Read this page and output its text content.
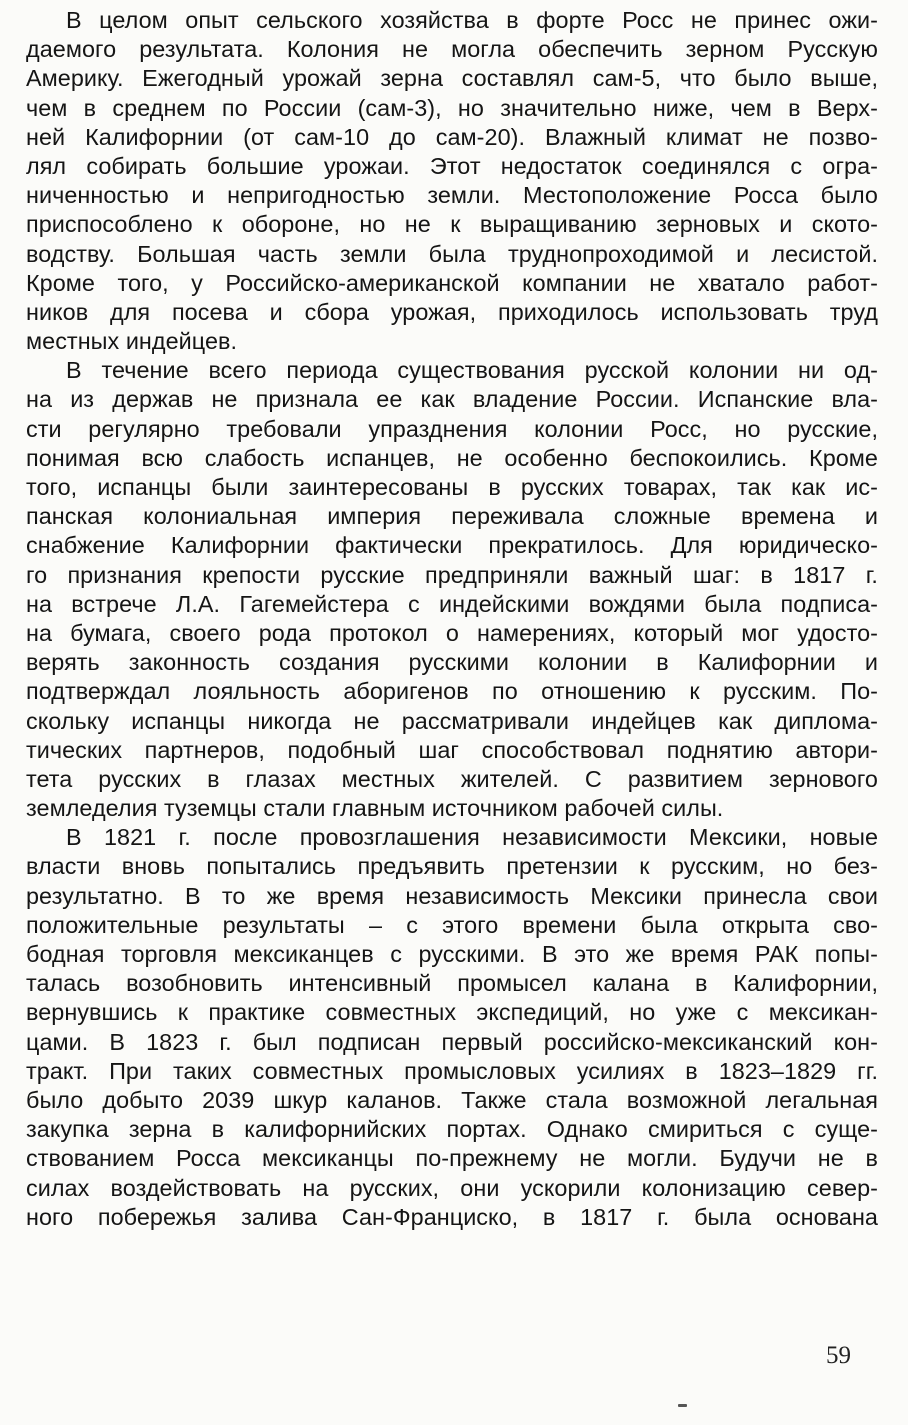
В целом опыт сельского хозяйства в форте Росс не принес ожи-
даемого результата. Колония не могла обеспечить зерном Русскую
Америку. Ежегодный урожай зерна составлял сам-5, что было выше,
чем в среднем по России (сам-3), но значительно ниже, чем в Верх-
ней Калифорнии (от сам-10 до сам-20). Влажный климат не позво-
лял собирать большие урожаи. Этот недостаток соединялся с огра-
ниченностью и непригодностью земли. Местоположение Росса было
приспособлено к обороне, но не к выращиванию зерновых и ското-
водству. Большая часть земли была труднопроходимой и лесистой.
Кроме того, у Российско-американской компании не хватало работ-
ников для посева и сбора урожая, приходилось использовать труд
местных индейцев.
В течение всего периода существования русской колонии ни од-
на из держав не признала ее как владение России. Испанские вла-
сти регулярно требовали упразднения колонии Росс, но русские,
понимая всю слабость испанцев, не особенно беспокоились. Кроме
того, испанцы были заинтересованы в русских товарах, так как ис-
панская колониальная империя переживала сложные времена и
снабжение Калифорнии фактически прекратилось. Для юридическо-
го признания крепости русские предприняли важный шаг: в 1817 г.
на встрече Л.А. Гагемейстера с индейскими вождями была подписа-
на бумага, своего рода протокол о намерениях, который мог удосто-
верять законность создания русскими колонии в Калифорнии и
подтверждал лояльность аборигенов по отношению к русским. По-
скольку испанцы никогда не рассматривали индейцев как диплома-
тических партнеров, подобный шаг способствовал поднятию автори-
тета русских в глазах местных жителей. С развитием зернового
земледелия туземцы стали главным источником рабочей силы.
В 1821 г. после провозглашения независимости Мексики, новые
власти вновь попытались предъявить претензии к русским, но без-
результатно. В то же время независимость Мексики принесла свои
положительные результаты – с этого времени была открыта сво-
бодная торговля мексиканцев с русскими. В это же время РАК попы-
талась возобновить интенсивный промысел калана в Калифорнии,
вернувшись к практике совместных экспедиций, но уже с мексикан-
цами. В 1823 г. был подписан первый российско-мексиканский кон-
тракт. При таких совместных промысловых усилиях в 1823–1829 гг.
было добыто 2039 шкур каланов. Также стала возможной легальная
закупка зерна в калифорнийских портах. Однако смириться с суще-
ствованием Росса мексиканцы по-прежнему не могли. Будучи не в
силах воздействовать на русских, они ускорили колонизацию север-
ного побережья залива Сан-Франциско, в 1817 г. была основана
59
